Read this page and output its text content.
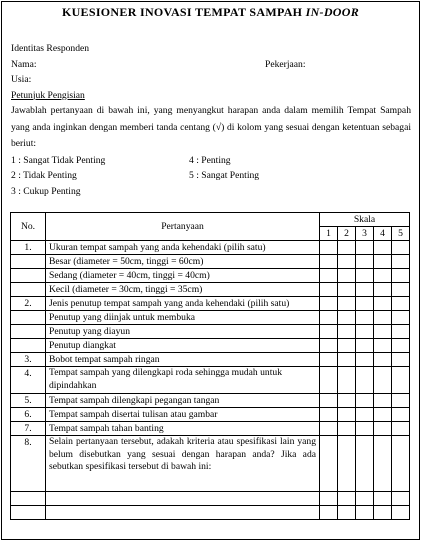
KUESIONER INOVASI TEMPAT SAMPAH IN-DOOR
Identitas Responden
Nama:	Pekerjaan:
Usia:
Petunjuk Pengisian
Jawablah pertanyaan di bawah ini, yang menyangkut harapan anda dalam memilih Tempat Sampah yang anda inginkan dengan memberi tanda centang (√) di kolom yang sesuai dengan ketentuan sebagai beriut:
1 : Sangat Tidak Penting	4 : Penting
2 : Tidak Penting	5 : Sangat Penting
3 : Cukup Penting
No.	Pertanyaan	Skala				
		1	2	3	4	5
1.	Ukuran tempat sampah yang anda kehendaki (pilih satu)					
	Besar (diameter = 50cm, tinggi = 60cm)					
	Sedang (diameter = 40cm, tinggi = 40cm)					
	Kecil (diameter = 30cm, tinggi = 35cm)					
2.	Jenis penutup tempat sampah yang anda kehendaki (pilih satu)					
	Penutup yang diinjak untuk membuka					
	Penutup yang diayun					
	Penutup diangkat					
3.	Bobot tempat sampah ringan					
4.	Tempat sampah yang dilengkapi roda sehingga mudah untuk dipindahkan					
5.	Tempat sampah dilengkapi pegangan tangan					
6.	Tempat sampah disertai tulisan atau gambar					
7.	Tempat sampah tahan banting					
8.	Selain pertanyaan tersebut, adakah kriteria atau spesifikasi lain yang belum disebutkan yang sesuai dengan harapan anda? Jika ada sebutkan spesifikasi tersebut di bawah ini:					
